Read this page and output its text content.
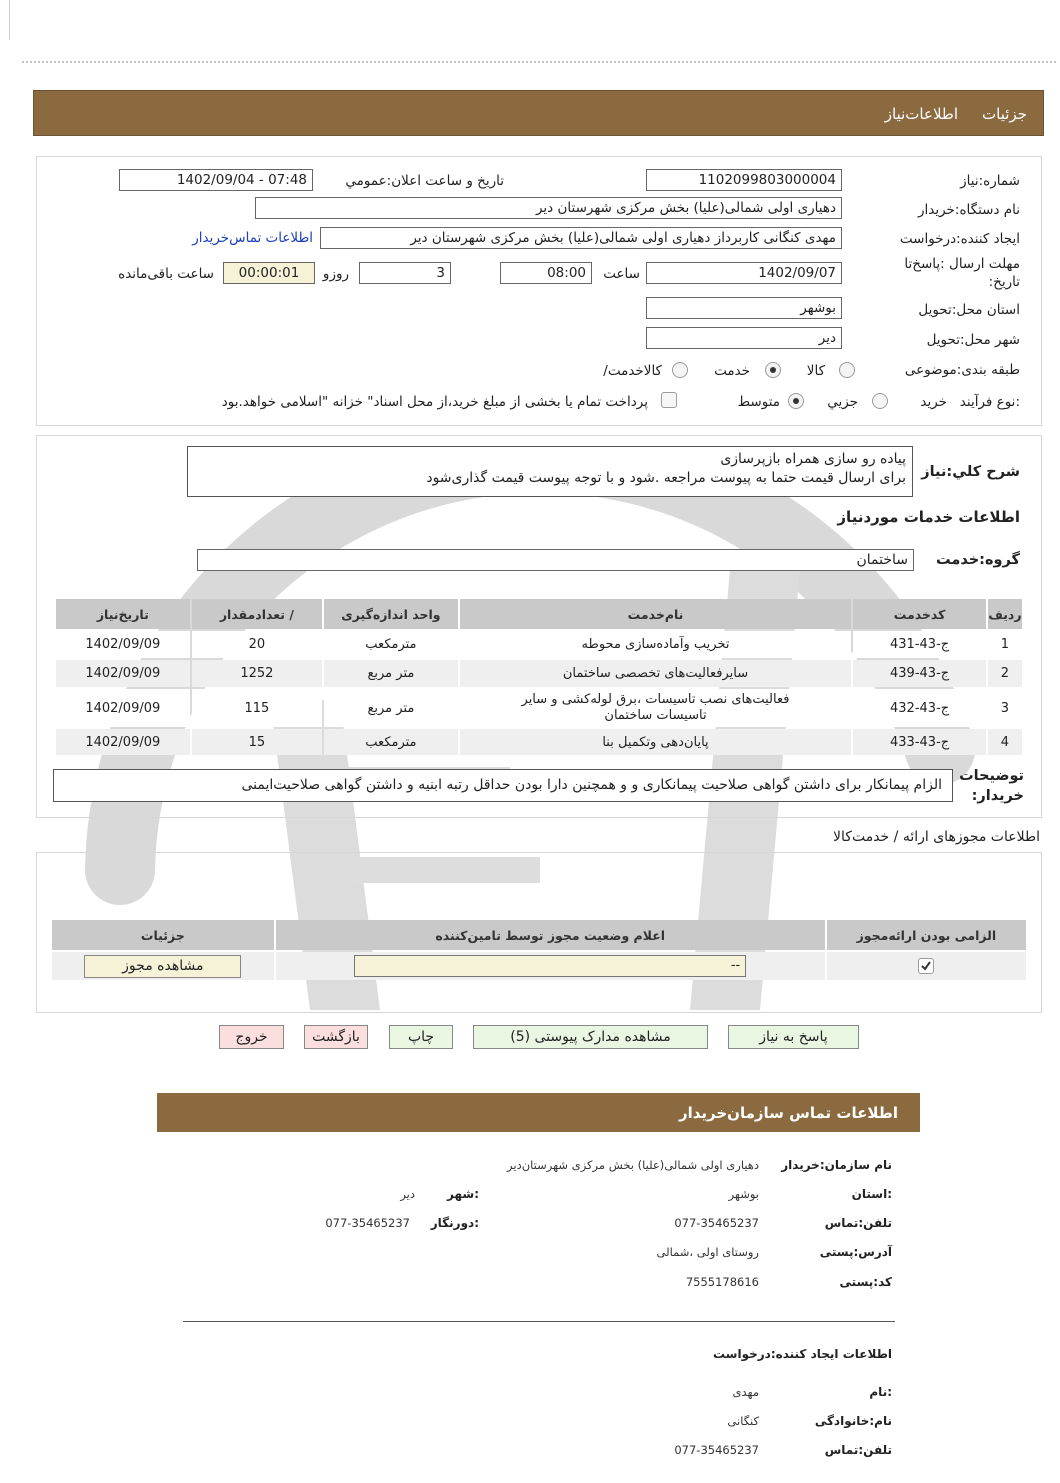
جزئیات
اطلاعات‌نیاز
شماره:نیاز
1102099803000004
تاریخ و ساعت اعلان:عمومي
1402/09/04 - 07:48
نام دستگاه:خریدار
دهیاری اولی شمالی(علیا) بخش مرکزی شهرستان دیر
ایجاد کننده:درخواست
مهدی کنگانی کاربرداز دهیاری اولی شمالی(علیا) بخش مرکزی شهرستان دیر
اطلاعات تماس‌خریدار
مهلت ارسال :پاسخ‌تا
:تاریخ
1402/09/07
ساعت
08:00
3
روزو
00:00:01
ساعت باقی‌مانده
استان محل:تحویل
بوشهر
شهر محل:تحویل
دیر
طبقه بندی:موضوعی
کالا
خدمت
/کالاخدمت
نوع فرآیند:
خرید
جزيي
متوسط
پرداخت تمام یا بخشی از مبلغ خرید،از محل اسناد" خزانه "اسلامی خواهد.بود
شرح کلي:نیاز
پیاده رو سازی همراه بازپرسازی
برای ارسال قیمت حتما به پیوست مراجعه .شود و با توجه پیوست قیمت گذاری‌شود
اطلاعات خدمات موردنیاز
گروه:خدمت
ساختمان
ردیف	کدخدمت	نام‌خدمت	واحد اندازه‌گیری	/ تعدادمقدار	تاریخ‌نیاز
1	ج-43-431	تخریب وآماده‌سازی محوطه	مترمکعب	20	1402/09/09
2	ج-43-439	سایرفعالیت‌های تخصصی ساختمان	متر مربع	1252	1402/09/09
3	ج-43-432	فعالیت‌های نصب تاسیسات ،برق لوله‌کشی و سایر تاسیسات ساختمان	متر مربع	115	1402/09/09
4	ج-43-433	پایان‌دهی وتکمیل بنا	مترمکعب	15	1402/09/09
توضیحات
:خریدار
الزام پیمانکار برای داشتن گواهی صلاحیت پیمانکاری و و همچنین دارا بودن حداقل رتبه ابنیه و داشتن گواهی صلاحیت‌ایمنی
اطلاعات مجوزهای ارائه / خدمت‌کالا
الزامی بودن ارائه‌مجوز	اعلام وضعیت مجوز توسط تامین‌کننده	جزئیات

	--	مشاهده مجوز
پاسخ به نیاز
مشاهده مدارک پیوستی (5)
چاپ
بازگشت
خروج
اطلاعات تماس سازمان‌خریدار
نام سازمان:خریدار
دهیاری اولی شمالی(علیا) بخش مرکزی شهرستان‌دیر
:استان
بوشهر
:شهر
دیر
تلفن:تماس
077-35465237
:دورنگار
077-35465237
آدرس:پستی
روستای اولی ،شمالی
کد:پستی
7555178616
اطلاعات ایجاد کننده:درخواست
:نام
مهدی
نام:خانوادگی
کنگانی
تلفن:تماس
077-35465237
